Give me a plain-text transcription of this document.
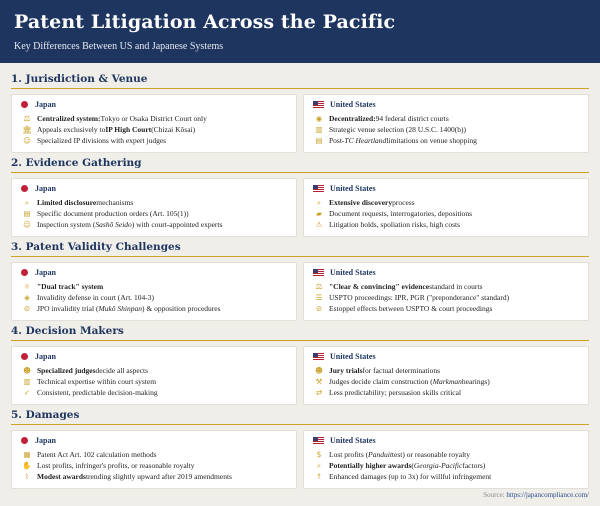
Patent Litigation Across the Pacific
Key Differences Between US and Japanese Systems
1. Jurisdiction & Venue
Japan
⚖ Centralized system: Tokyo or Osaka District Court only
🏛 Appeals exclusively to IP High Court (Chizai Kōsai)
☺ Specialized IP divisions with expert judges
United States
◉ Decentralized: 94 federal district courts
▥ Strategic venue selection (28 U.S.C. 1400(b))
▤ Post- TC Heartland limitations on venue shopping
2. Evidence Gathering
Japan
⌕	Limited disclosure mechanisms
▤ Specific document production orders (Art. 105(1))
☺ Inspection system ( Sashō Seido ) with court-appointed experts
United States
⌕	Extensive discovery process
▰ Document requests, interrogatories, depositions
⚠ Litigation holds, spoliation risks, high costs
3. Patent Validity Challenges
Japan
☼ "Dual track" system
◈ Invalidity defense in court (Art. 104-3)
⊘ JPO invalidity trial ( Mukō Shinpan ) & opposition procedures
United States
⚖ "Clear & convincing" evidence standard in courts
☰ USPTO proceedings: IPR, PGR ("preponderance" standard)
⊘ Estoppel effects between USPTO & court proceedings
4. Decision Makers
Japan
☻ Specialized judges decide all aspects
▥ Technical expertise within court system
✓ Consistent, predictable decision-making
United States
☻ Jury trials for factual determinations
⚒ Judges decide claim construction ( Markman hearings)
⇄ Less predictability; persuasion skills critical
5. Damages
Japan
▦ Patent Act Art. 102 calculation methods
✋ Lost profits, infringer's profits, or reasonable royalty
⌇	Modest awards trending slightly upward after 2019 amendments
United States
$	Lost profits ( Panduit test) or reasonable royalty
⌕	Potentially higher awards ( Georgia-Pacific factors)
↑ Enhanced damages (up to 3x) for willful infringement
Source: https://japancompliance.com/
